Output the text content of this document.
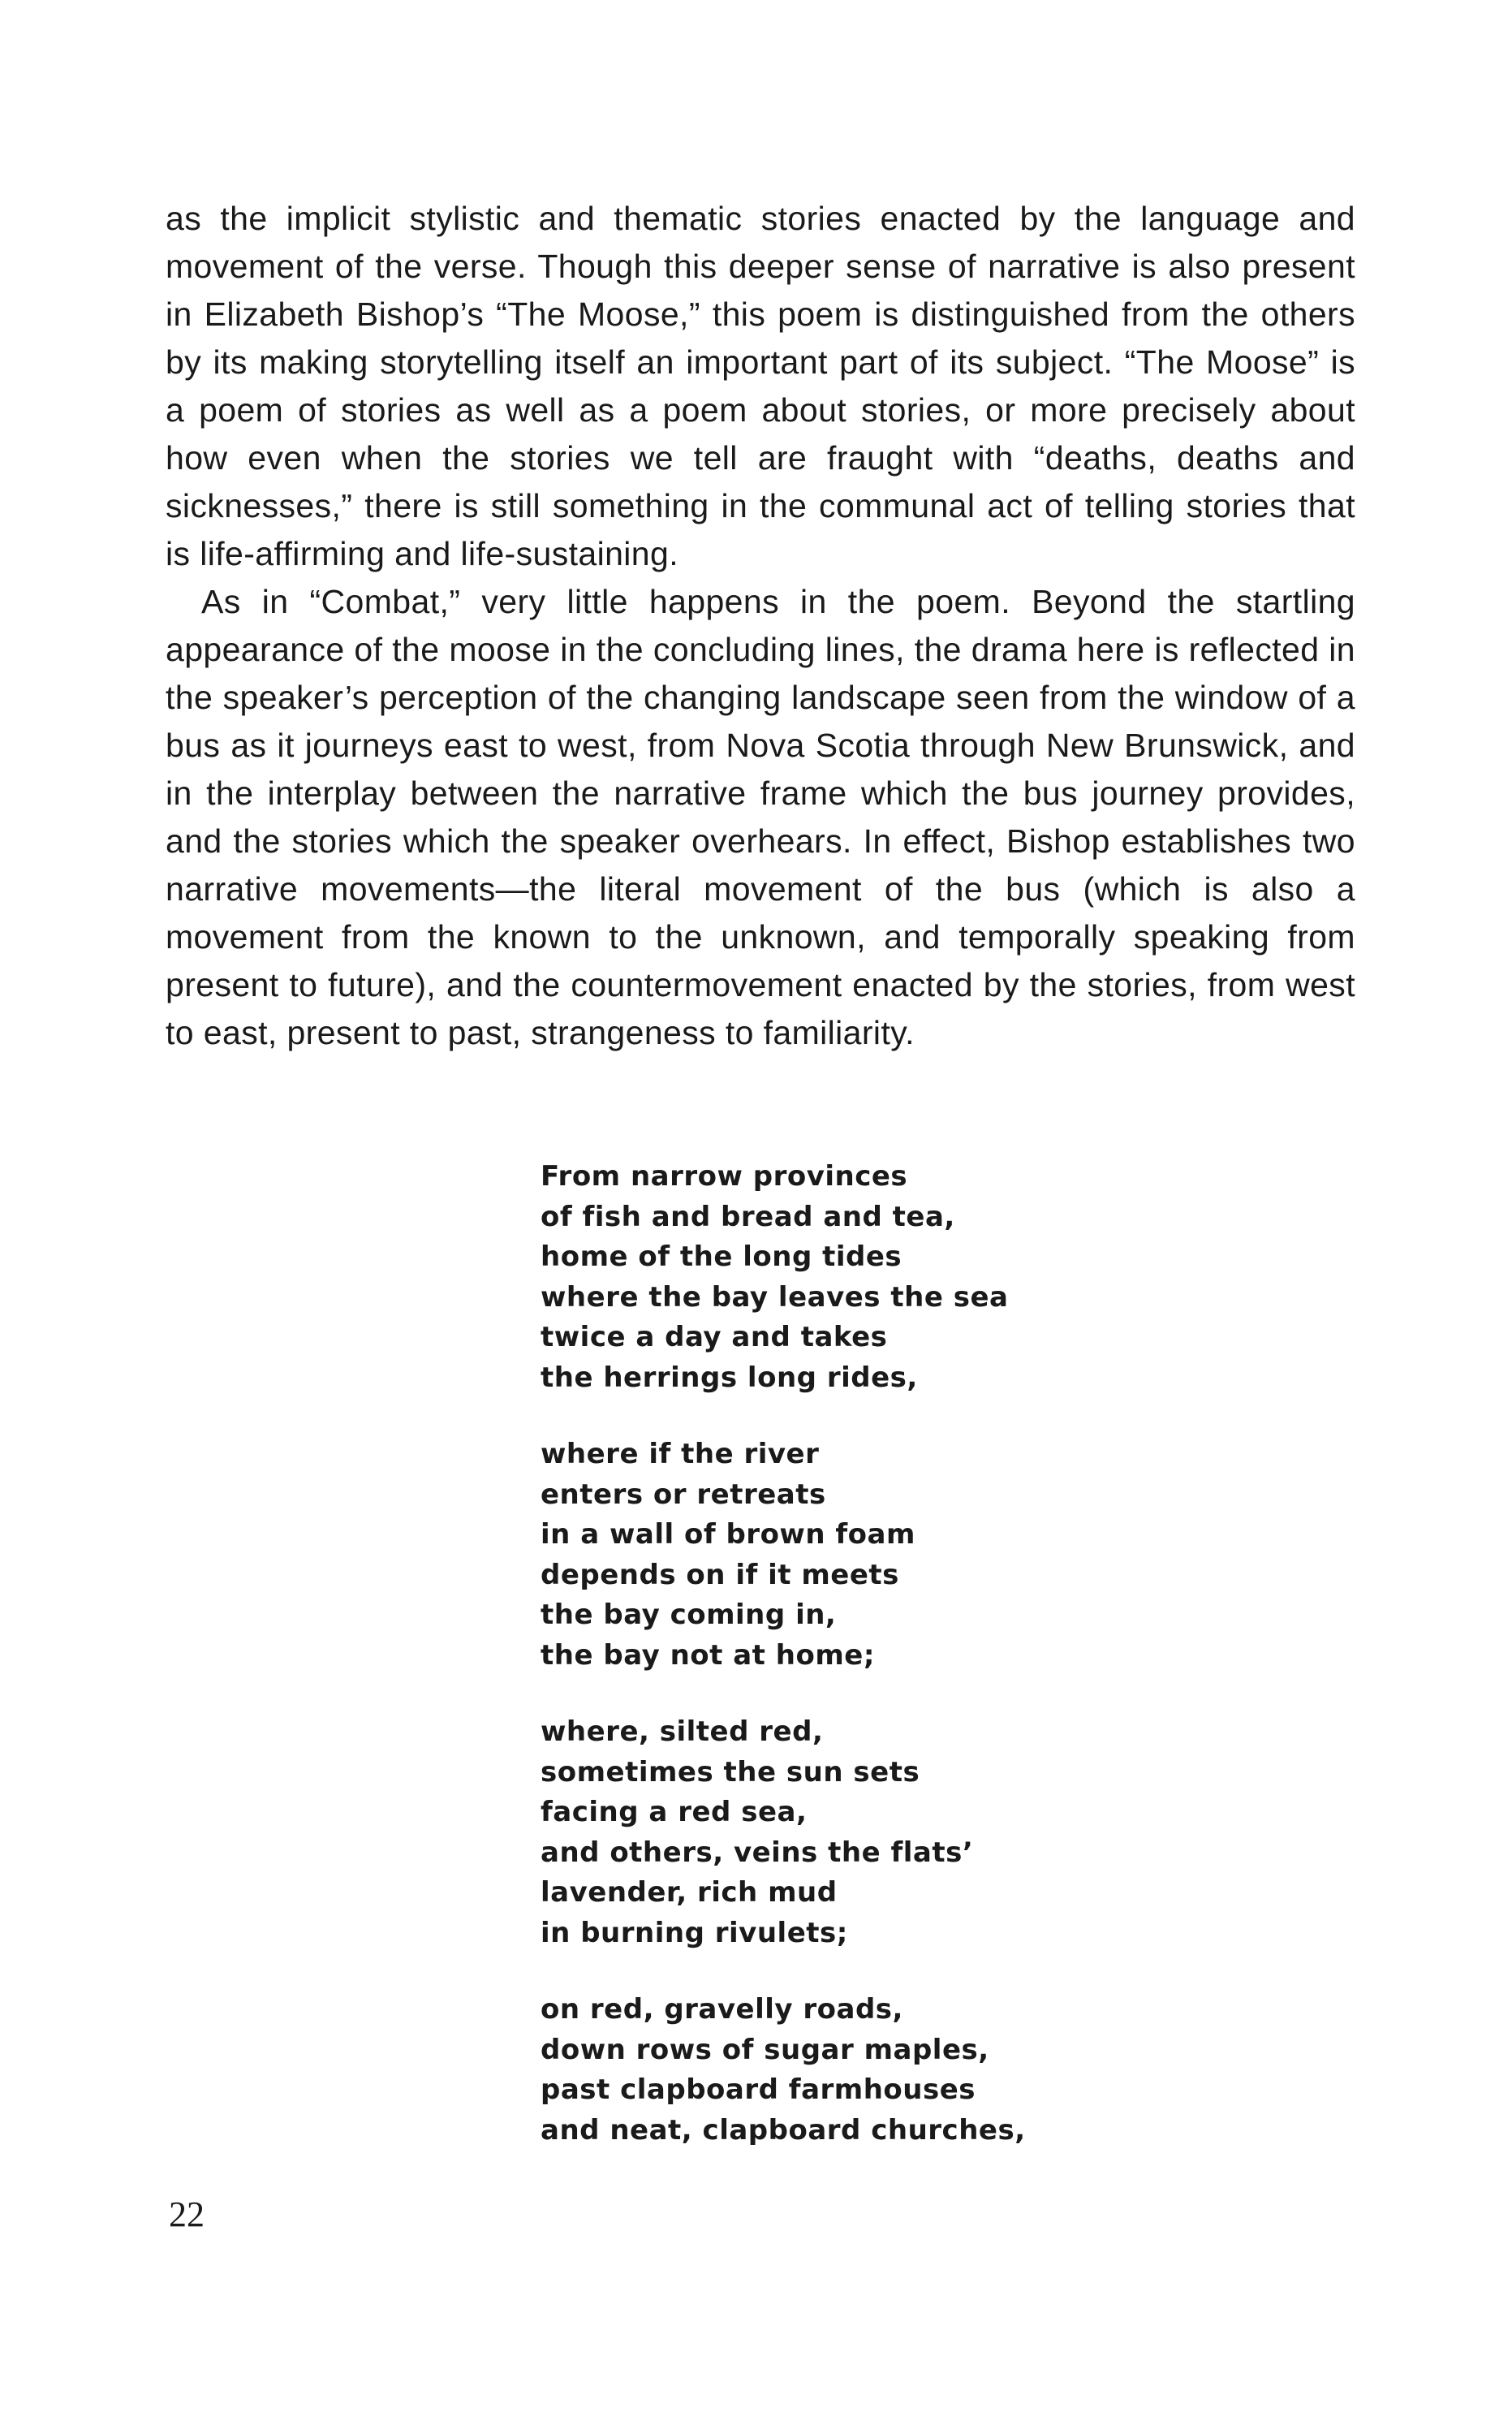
as the implicit stylistic and thematic stories enacted by the language and movement of the verse. Though this deeper sense of narrative is also present in Elizabeth Bishop’s “The Moose,” this poem is distinguished from the others by its making storytelling itself an important part of its subject. “The Moose” is a poem of stories as well as a poem about stories, or more precisely about how even when the stories we tell are fraught with “deaths, deaths and sicknesses,” there is still something in the communal act of telling stories that is life-affirming and life-sustaining.

As in “Combat,” very little happens in the poem. Beyond the startling appearance of the moose in the concluding lines, the drama here is reflected in the speaker’s perception of the changing landscape seen from the window of a bus as it journeys east to west, from Nova Scotia through New Brunswick, and in the interplay between the narrative frame which the bus journey provides, and the stories which the speaker overhears. In effect, Bishop establishes two narrative movements—the literal movement of the bus (which is also a movement from the known to the unknown, and temporally speaking from present to future), and the countermovement enacted by the stories, from west to east, present to past, strangeness to familiarity.

From narrow provinces
of fish and bread and tea,
home of the long tides
where the bay leaves the sea
twice a day and takes
the herrings long rides,
where if the river
enters or retreats
in a wall of brown foam
depends on if it meets
the bay coming in,
the bay not at home;
where, silted red,
sometimes the sun sets
facing a red sea,
and others, veins the flats’
lavender, rich mud
in burning rivulets;
on red, gravelly roads,
down rows of sugar maples,
past clapboard farmhouses
and neat, clapboard churches,
22
